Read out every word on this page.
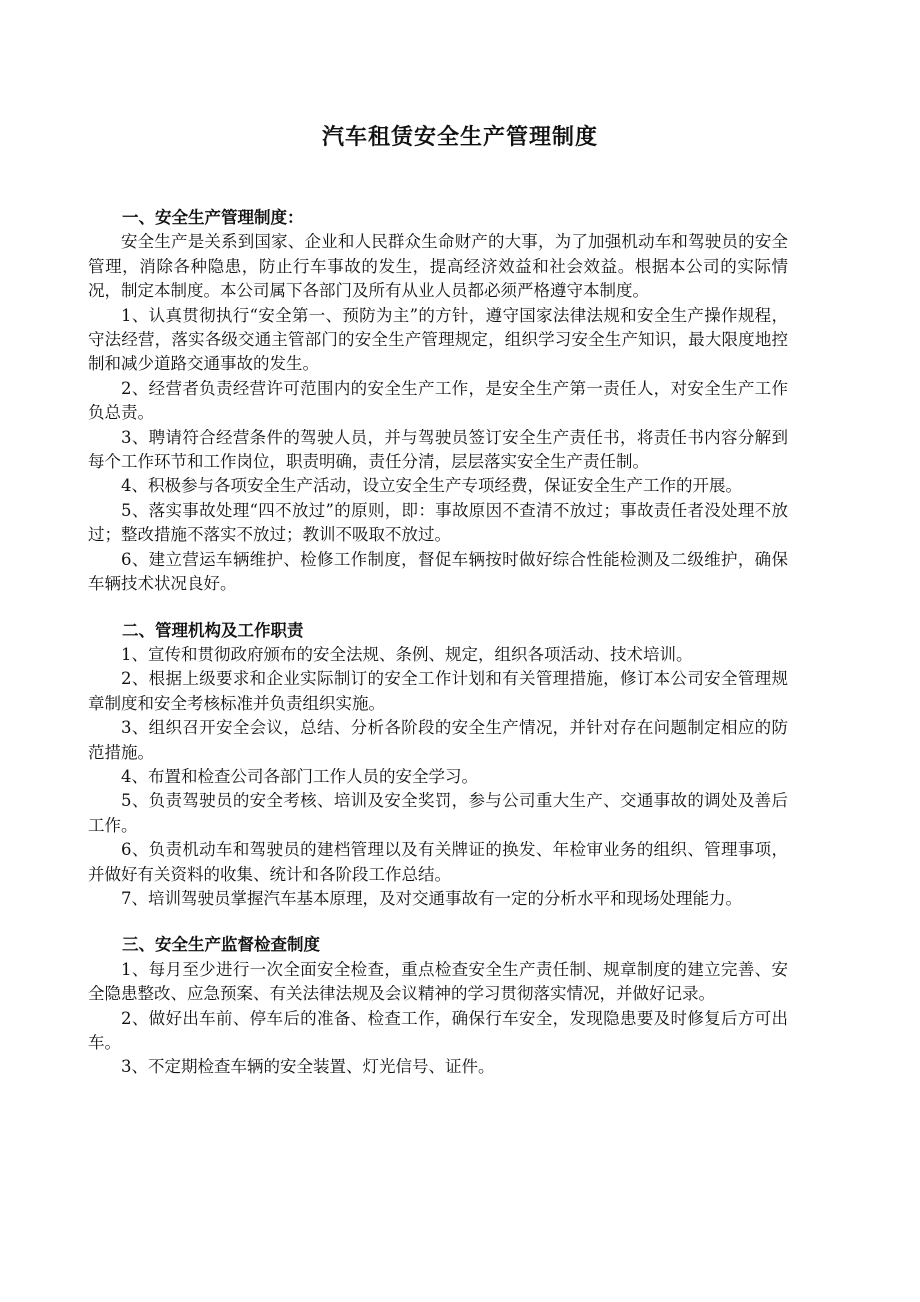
汽车租赁安全生产管理制度
一、安全生产管理制度：

安全生产是关系到国家、企业和人民群众生命财产的大事，为了加强机动车和驾驶员的安全管理，消除各种隐患，防止行车事故的发生，提高经济效益和社会效益。根据本公司的实际情况，制定本制度。本公司属下各部门及所有从业人员都必须严格遵守本制度。

1、认真贯彻执行“安全第一、预防为主”的方针，遵守国家法律法规和安全生产操作规程，守法经营，落实各级交通主管部门的安全生产管理规定，组织学习安全生产知识，最大限度地控制和减少道路交通事故的发生。

2、经营者负责经营许可范围内的安全生产工作，是安全生产第一责任人，对安全生产工作负总责。

3、聘请符合经营条件的驾驶人员，并与驾驶员签订安全生产责任书，将责任书内容分解到每个工作环节和工作岗位，职责明确，责任分清，层层落实安全生产责任制。

4、积极参与各项安全生产活动，设立安全生产专项经费，保证安全生产工作的开展。

5、落实事故处理“四不放过”的原则，即：事故原因不查清不放过；事故责任者没处理不放过；整改措施不落实不放过；教训不吸取不放过。

6、建立营运车辆维护、检修工作制度，督促车辆按时做好综合性能检测及二级维护，确保车辆技术状况良好。

二、管理机构及工作职责

1、宣传和贯彻政府颁布的安全法规、条例、规定，组织各项活动、技术培训。

2、根据上级要求和企业实际制订的安全工作计划和有关管理措施，修订本公司安全管理规章制度和安全考核标准并负责组织实施。

3、组织召开安全会议，总结、分析各阶段的安全生产情况，并针对存在问题制定相应的防范措施。

4、布置和检查公司各部门工作人员的安全学习。

5、负责驾驶员的安全考核、培训及安全奖罚，参与公司重大生产、交通事故的调处及善后工作。

6、负责机动车和驾驶员的建档管理以及有关牌证的换发、年检审业务的组织、管理事项，并做好有关资料的收集、统计和各阶段工作总结。

7、培训驾驶员掌握汽车基本原理，及对交通事故有一定的分析水平和现场处理能力。

三、安全生产监督检查制度

1、每月至少进行一次全面安全检查，重点检查安全生产责任制、规章制度的建立完善、安全隐患整改、应急预案、有关法律法规及会议精神的学习贯彻落实情况，并做好记录。

2、做好出车前、停车后的准备、检查工作，确保行车安全，发现隐患要及时修复后方可出车。

3、不定期检查车辆的安全装置、灯光信号、证件。
